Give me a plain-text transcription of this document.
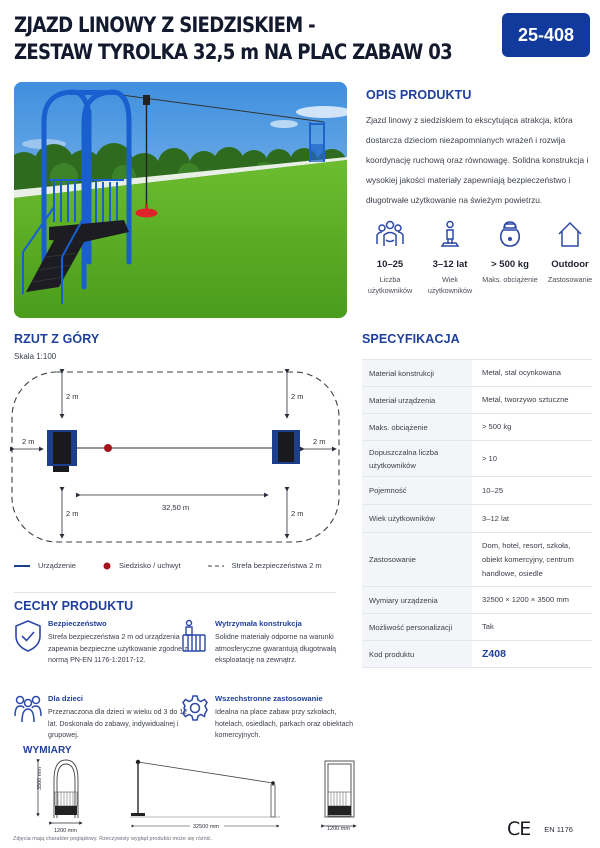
ZJAZD LINOWY Z SIEDZISKIEM -
ZESTAW TYROLKA 32,5 m NA PLAC ZABAW 03
25-408
OPIS PRODUKTU

Zjazd linowy z siedziskiem to ekscytująca atrakcja, która dostarcza dzieciom niezapomnianych wrażeń i rozwija koordynację ruchową oraz równowagę. Solidna konstrukcja i wysokiej jakości materiały zapewniają bezpieczeństwo i długotrwałe użytkowanie na świeżym powietrzu.

10–25
Liczba użytkowników
3–12 lat
Wiek użytkowników
> 500 kg
Maks. obciążenie
Outdoor
Zastosowanie
RZUT Z GÓRY
Skala 1:100
2 m	2 m
2 m	2 m
2 m	2 m
32,50 m
Urządzenie	Siedzisko / uchwyt	Strefa bezpieczeństwa 2 m
SPECYFIKACJA
Materiał konstrukcji	Metal, stal ocynkowana
Materiał urządzenia	Metal, tworzywo sztuczne
Maks. obciążenie	> 500 kg
Dopuszczalna liczba użytkowników	> 10
Pojemność	10–25
Wiek użytkowników	3–12 lat
Zastosowanie	Dom, hotel, resort, szkoła, obiekt komercyjny, centrum handlowe, osiedle
Wymiary urządzenia	32500 × 1200 × 3500 mm
Możliwość personalizacji	Tak
Kod produktu	Z408
CECHY PRODUKTU
Bezpieczeństwo
Strefa bezpieczeństwa 2 m od urządzenia zapewnia bezpieczne użytkowanie zgodne z normą PN-EN 1176-1:2017-12.
Wytrzymała konstrukcja
Solidne materiały odporne na warunki atmosferyczne gwarantują długotrwałą eksploatację na zewnątrz.
Dla dzieci
Przeznaczona dla dzieci w wieku od 3 do 12 lat. Doskonała do zabawy, indywidualnej i grupowej.
Wszechstronne zastosowanie
Idealna na place zabaw przy szkołach, hotelach, osiedlach, parkach oraz obiektach komercyjnych.
WYMIARY
3500 mm
1200 mm
32500 mm	1200 mm
Zdjęcia mają charakter poglądowy. Rzeczywisty wygląd produktu może się różnić.	CE EN 1176
